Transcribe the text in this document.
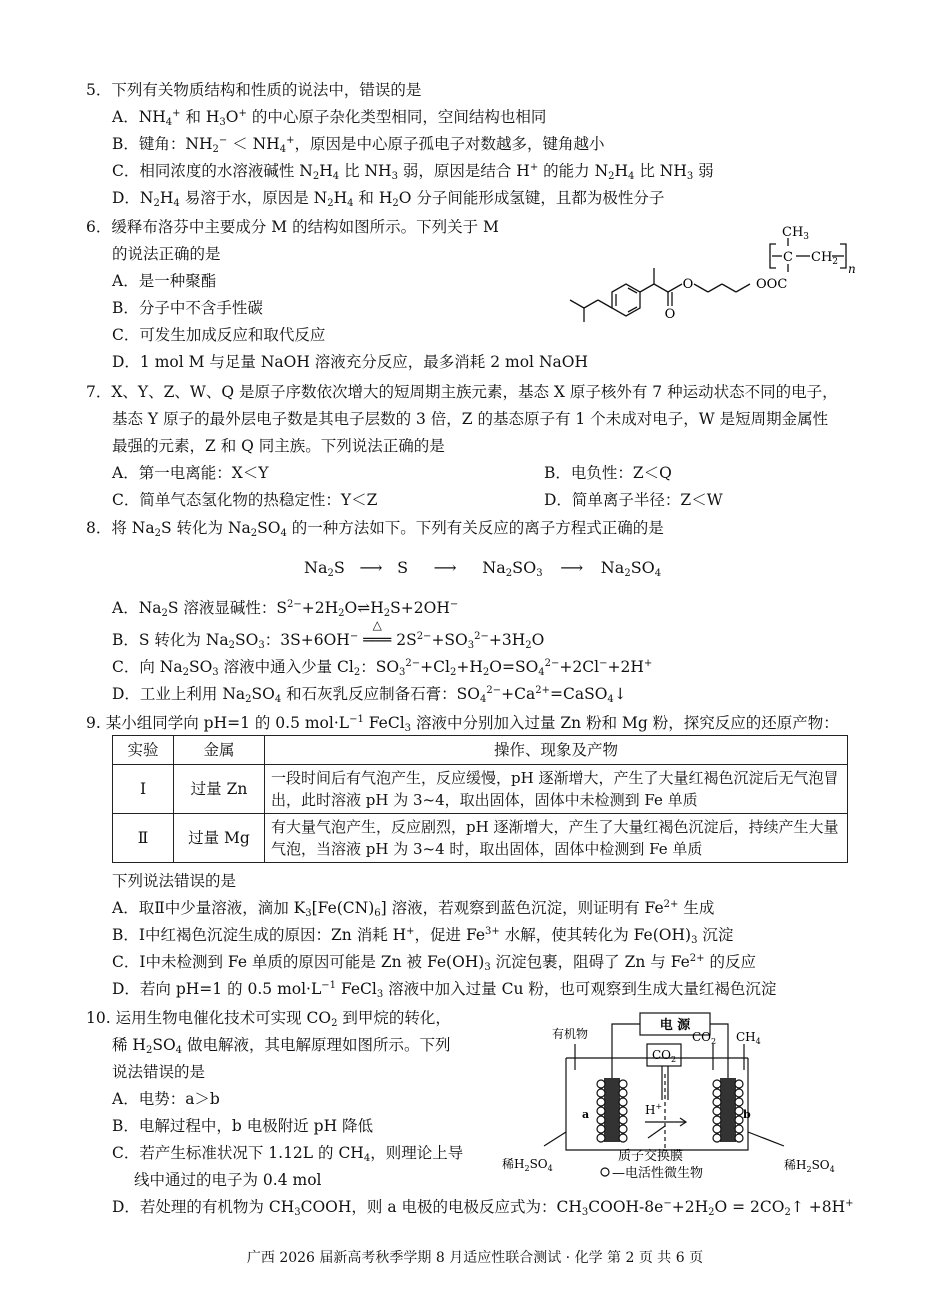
5．下列有关物质结构和性质的说法中，错误的是
A．$NH_4^+$ 和 $H_3O^+$ 的中心原子杂化类型相同，空间结构也相同
B．键角：$NH_2^- < NH_4^+$，原因是中心原子孤电子对数越多，键角越小
C．相同浓度的水溶液碱性 $N_2H_4$ 比 $NH_3$ 弱，原因是结合 H+ 的能力 $N_2H_4$ 比 $NH_3$ 弱
D．$N_2H_4$ 易溶于水，原因是 $N_2H_4$ 和 $H_2O$ 分子间能形成氢键，且都为极性分子
6．缓释布洛芬中主要成分 M 的结构如图所示。下列关于 M
的说法正确的是
A．是一种聚酯
B．分子中不含手性碳
C．可发生加成反应和取代反应
D．1 mol M 与足量 NaOH 溶液充分反应，最多消耗 2 mol NaOH
O
O
$CH_3$
C $CH_2$ n
OOC
7．X、Y、Z、W、Q 是原子序数依次增大的短周期主族元素，基态 X 原子核外有 7 种运动状态不同的电子，
基态 Y 原子的最外层电子数是其电子层数的 3 倍，Z 的基态原子有 1 个未成对电子，W 是短周期金属性
最强的元素，Z 和 Q 同主族。下列说法正确的是
A．第一电离能：X＜Y	B．电负性：Z＜Q
C．简单气态氢化物的热稳定性：Y＜Z	D．简单离子半径：Z＜W
8．将 $Na_2S$ 转化为 $Na_2SO_4$ 的一种方法如下。下列有关反应的离子方程式正确的是
$Na_2S$ ⟶ S ⟶ $Na_2SO_3$ ⟶ $Na_2SO_4$
A．$Na_2S$ 溶液显碱性：$S^{2-}+2H_2O\rightleftharpoons H_2S+2OH^-$
B．S 转化为 $Na_2SO_3$：3S+6OH−
△
═══ $2S^{2-}+SO_3^{2-}+3H_2O$
C．向 $Na_2SO_3$ 溶液中通入少量 $Cl_2$：$SO_3^{2-}+Cl_2+H_2O=SO_4^{2-}+2Cl^-+2H^+$
D．工业上利用 $Na_2SO_4$ 和石灰乳反应制备石膏：$SO_4^{2-}+Ca^{2+}=CaSO_4↓$
9. 某小组同学向 pH=1 的 0.5 $mol\cdot L^{-1}$ FeCl$_3$ 溶液中分别加入过量 Zn 粉和 Mg 粉，探究反应的还原产物：
实验	金属	操作、现象及产物
Ⅰ	过量 Zn	一段时间后有气泡产生，反应缓慢，pH 逐渐增大，产生了大量红褐色沉淀后无气泡冒出，此时溶液 pH 为 3~4，取出固体，固体中未检测到 Fe 单质
Ⅱ	过量 Mg	有大量气泡产生，反应剧烈，pH 逐渐增大，产生了大量红褐色沉淀后，持续产生大量气泡，当溶液 pH 为 3~4 时，取出固体，固体中检测到 Fe 单质
下列说法错误的是
A．取Ⅱ中少量溶液，滴加 $K_3[Fe(CN)_6]$ 溶液，若观察到蓝色沉淀，则证明有 $Fe^{2+}$ 生成
B．Ⅰ中红褐色沉淀生成的原因：Zn 消耗 H+，促进 $Fe^{3+}$ 水解，使其转化为 $Fe(OH)_3$ 沉淀
C．Ⅰ中未检测到 Fe 单质的原因可能是 Zn 被 $Fe(OH)_3$ 沉淀包裹，阻碍了 Zn 与 $Fe^{2+}$ 的反应
D．若向 pH=1 的 0.5 $mol\cdot L^{-1}$ FeCl$_3$ 溶液中加入过量 Cu 粉，也可观察到生成大量红褐色沉淀
10. 运用生物电催化技术可实现 $CO_2$ 到甲烷的转化，
稀 $H_2SO_4$ 做电解液，其电解原理如图所示。下列
说法错误的是
A．电势：a＞b
B．电解过程中，b 电极附近 pH 降低
C．若产生标准状况下 1.12L 的 $CH_4$，则理论上导
线中通过的电子为 0.4 mol
D．若处理的有机物为 $CH_3COOH$，则 a 电极的电极反应式为：$CH_3COOH-8e^-+2H_2O$ = $2CO_2↑ +8H^+$
电 源
有机物
$CO_2$
$CO_2$ $CH_4$
H+
a	b
质子交换膜
—电活性微生物
稀$H_2SO_4$	稀$H_2SO_4$
广西 2026 届新高考秋季学期 8 月适应性联合测试 · 化学 第 2 页 共 6 页
